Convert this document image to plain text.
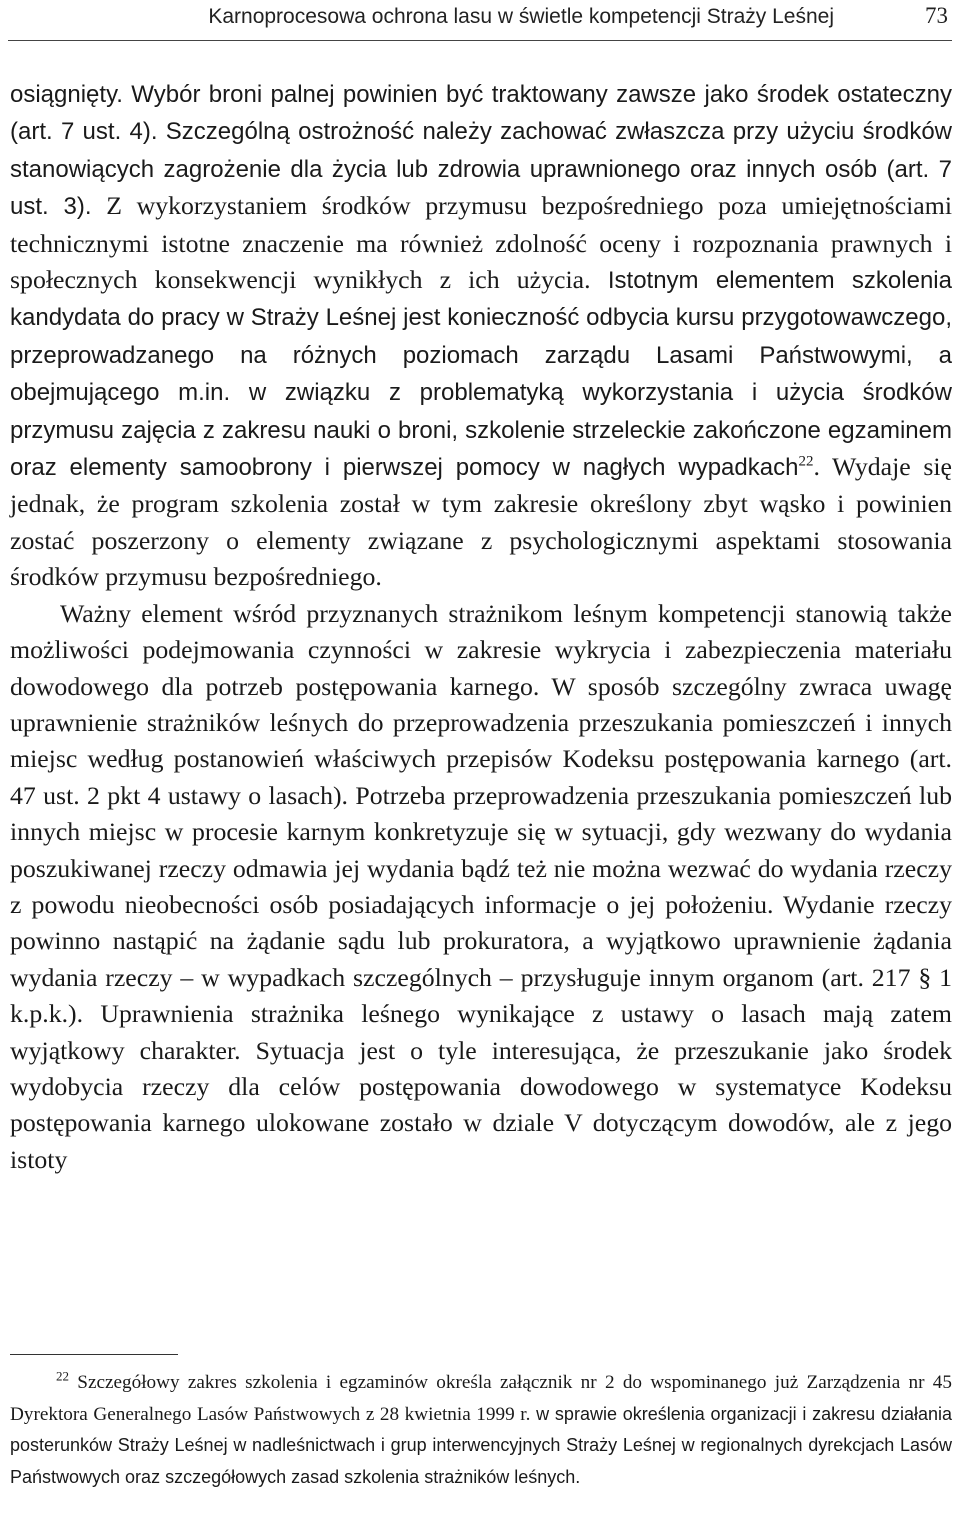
Karnoprocesowa ochrona lasu w świetle kompetencji Straży Leśnej	73

osiągnięty. Wybór broni palnej powinien być traktowany zawsze jako środek ostateczny (art. 7 ust. 4). Szczególną ostrożność należy zachować zwłaszcza przy użyciu środków stanowiących zagrożenie dla życia lub zdrowia uprawnionego oraz innych osób (art. 7 ust. 3). Z wykorzystaniem środków przymusu bezpośredniego poza umiejętnościami technicznymi istotne znaczenie ma również zdolność oceny i rozpoznania prawnych i społecznych konsekwencji wynikłych z ich użycia. Istotnym elementem szkolenia kandydata do pracy w Straży Leśnej jest konieczność odbycia kursu przygotowawczego, przeprowadzanego na różnych poziomach zarządu Lasami Państwowymi, a obejmującego m.in. w związku z problematyką wykorzystania i użycia środków przymusu zajęcia z zakresu nauki o broni, szkolenie strzeleckie zakończone egzaminem oraz elementy samoobrony i pierwszej pomocy w nagłych wypadkach$^{22}$. Wydaje się jednak, że program szkolenia został w tym zakresie określony zbyt wąsko i powinien zostać poszerzony o elementy związane z psychologicznymi aspektami stosowania środków przymusu bezpośredniego.

Ważny element wśród przyznanych strażnikom leśnym kompetencji stanowią także możliwości podejmowania czynności w zakresie wykrycia i zabezpieczenia materiału dowodowego dla potrzeb postępowania karnego. W sposób szczególny zwraca uwagę uprawnienie strażników leśnych do przeprowadzenia przeszukania pomieszczeń i innych miejsc według postanowień właściwych przepisów Kodeksu postępowania karnego (art. 47 ust. 2 pkt 4 ustawy o lasach). Potrzeba przeprowadzenia przeszukania pomieszczeń lub innych miejsc w procesie karnym konkretyzuje się w sytuacji, gdy wezwany do wydania poszukiwanej rzeczy odmawia jej wydania bądź też nie można wezwać do wydania rzeczy z powodu nieobecności osób posiadających informacje o jej położeniu. Wydanie rzeczy powinno nastąpić na żądanie sądu lub prokuratora, a wyjątkowo uprawnienie żądania wydania rzeczy – w wypadkach szczególnych – przysługuje innym organom (art. 217 § 1 k.p.k.). Uprawnienia strażnika leśnego wynikające z ustawy o lasach mają zatem wyjątkowy charakter. Sytuacja jest o tyle interesująca, że przeszukanie jako środek wydobycia rzeczy dla celów postępowania dowodowego w systematyce Kodeksu postępowania karnego ulokowane zostało w dziale V dotyczącym dowodów, ale z jego istoty

$^{22}$ Szczegółowy zakres szkolenia i egzaminów określa załącznik nr 2 do wspominanego już Zarządzenia nr 45 Dyrektora Generalnego Lasów Państwowych z 28 kwietnia 1999 r. w sprawie określenia organizacji i zakresu działania posterunków Straży Leśnej w nadleśnictwach i grup interwencyjnych Straży Leśnej w regionalnych dyrekcjach Lasów Państwowych oraz szczegółowych zasad szkolenia strażników leśnych.
